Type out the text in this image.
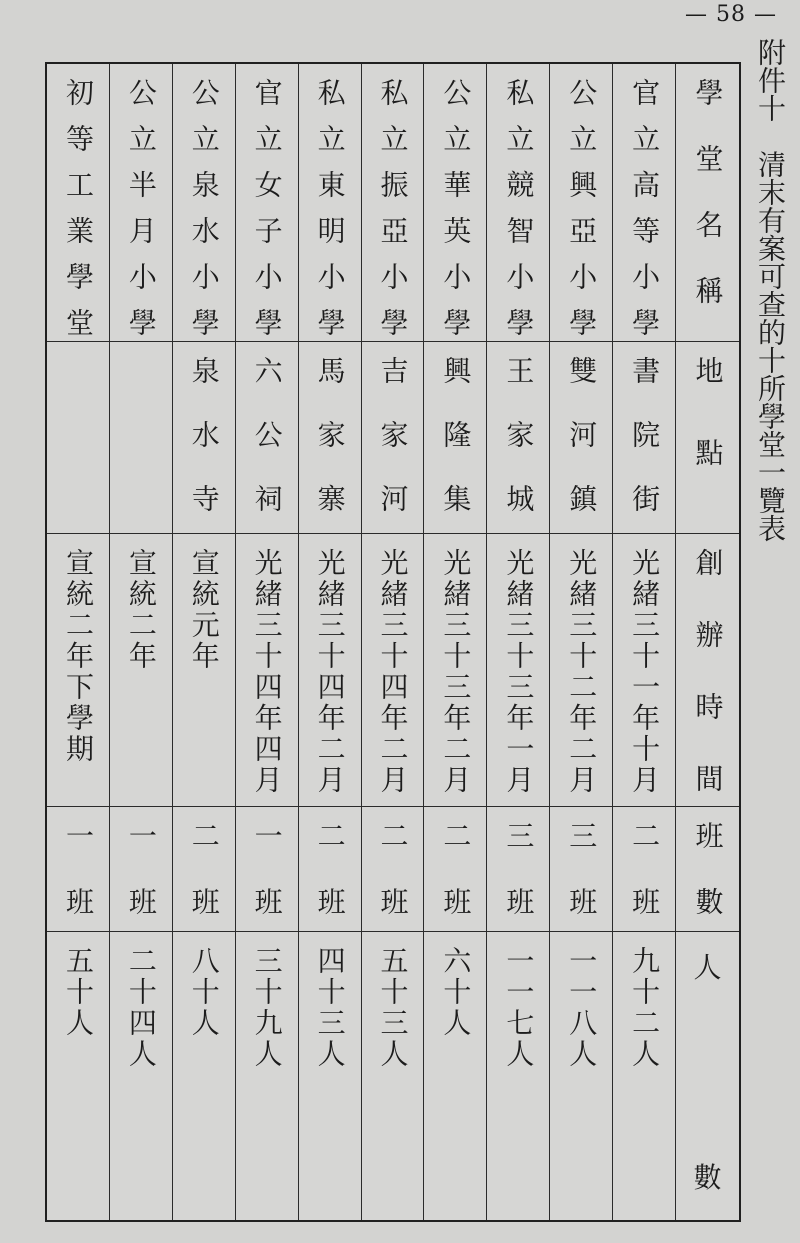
— 58 —
附件十清末有案可查的十所學堂一覽表
初等工業學堂 公立半月小學 公立泉水小學 官立女子小學 私立東明小學 私立振亞小學 公立華英小學 私立競智小學 公立興亞小學 官立高等小學 學堂名稱
泉水寺 六公祠 馬家寨 吉家河 興隆集 王家城 雙河鎮 書院街 地點
宣統二年下學期 宣統二年 宣統元年 光緒三十四年四月 光緒三十四年二月 光緒三十四年二月 光緒三十三年二月 光緒三十三年一月 光緒三十二年二月 光緒三十一年十月 創辦時間
一班 一班 二班 一班 二班 二班 二班 三班 三班 二班 班數
五十人 二十四人 八十人 三十九人 四十三人 五十三人 六十人 一一七人 一一八人 九十二人 人
數
